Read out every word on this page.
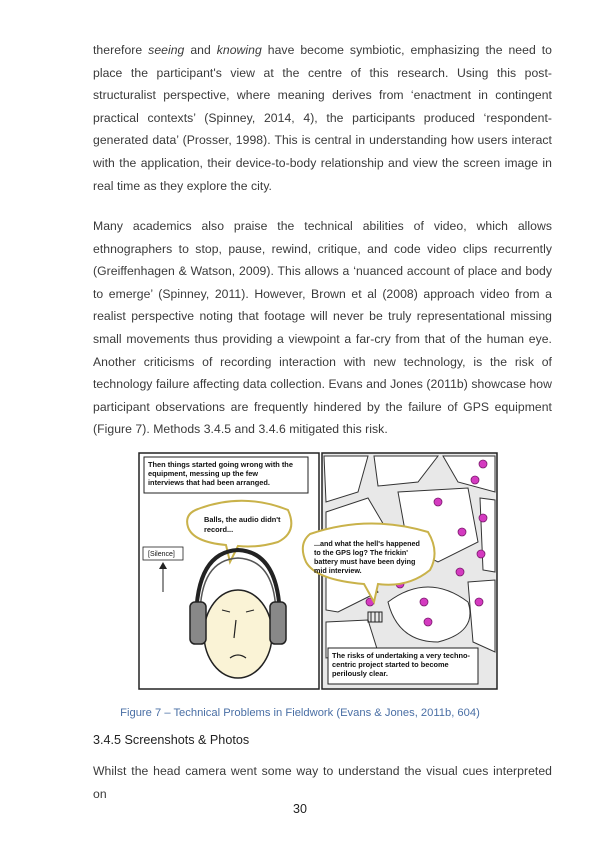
therefore seeing and knowing have become symbiotic, emphasizing the need to place the participant's view at the centre of this research. Using this post-structuralist perspective, where meaning derives from ‘enactment in contingent practical contexts’ (Spinney, 2014, 4), the participants produced ‘respondent-generated data’ (Prosser, 1998). This is central in understanding how users interact with the application, their device-to-body relationship and view the screen image in real time as they explore the city.

Many academics also praise the technical abilities of video, which allows ethnographers to stop, pause, rewind, critique, and code video clips recurrently (Greiffenhagen & Watson, 2009). This allows a ‘nuanced account of place and body to emerge’ (Spinney, 2011). However, Brown et al (2008) approach video from a realist perspective noting that footage will never be truly representational missing small movements thus providing a viewpoint a far-cry from that of the human eye. Another criticisms of recording interaction with new technology, is the risk of technology failure affecting data collection. Evans and Jones (2011b) showcase how participant observations are frequently hindered by the failure of GPS equipment (Figure 7). Methods 3.4.5 and 3.4.6 mitigated this risk.

Then things started going wrong with the equipment, messing up the few interviews that had been arranged.
Balls, the audio didn't record...
[Silence]
The risks of undertaking a very techno- centric project started to become perilously clear.
...and what the hell's happened to the GPS log? The frickin' battery must have been dying mid interview.
Figure 7 – Technical Problems in Fieldwork (Evans & Jones, 2011b, 604)
3.4.5 Screenshots & Photos

Whilst the head camera went some way to understand the visual cues interpreted on

30
